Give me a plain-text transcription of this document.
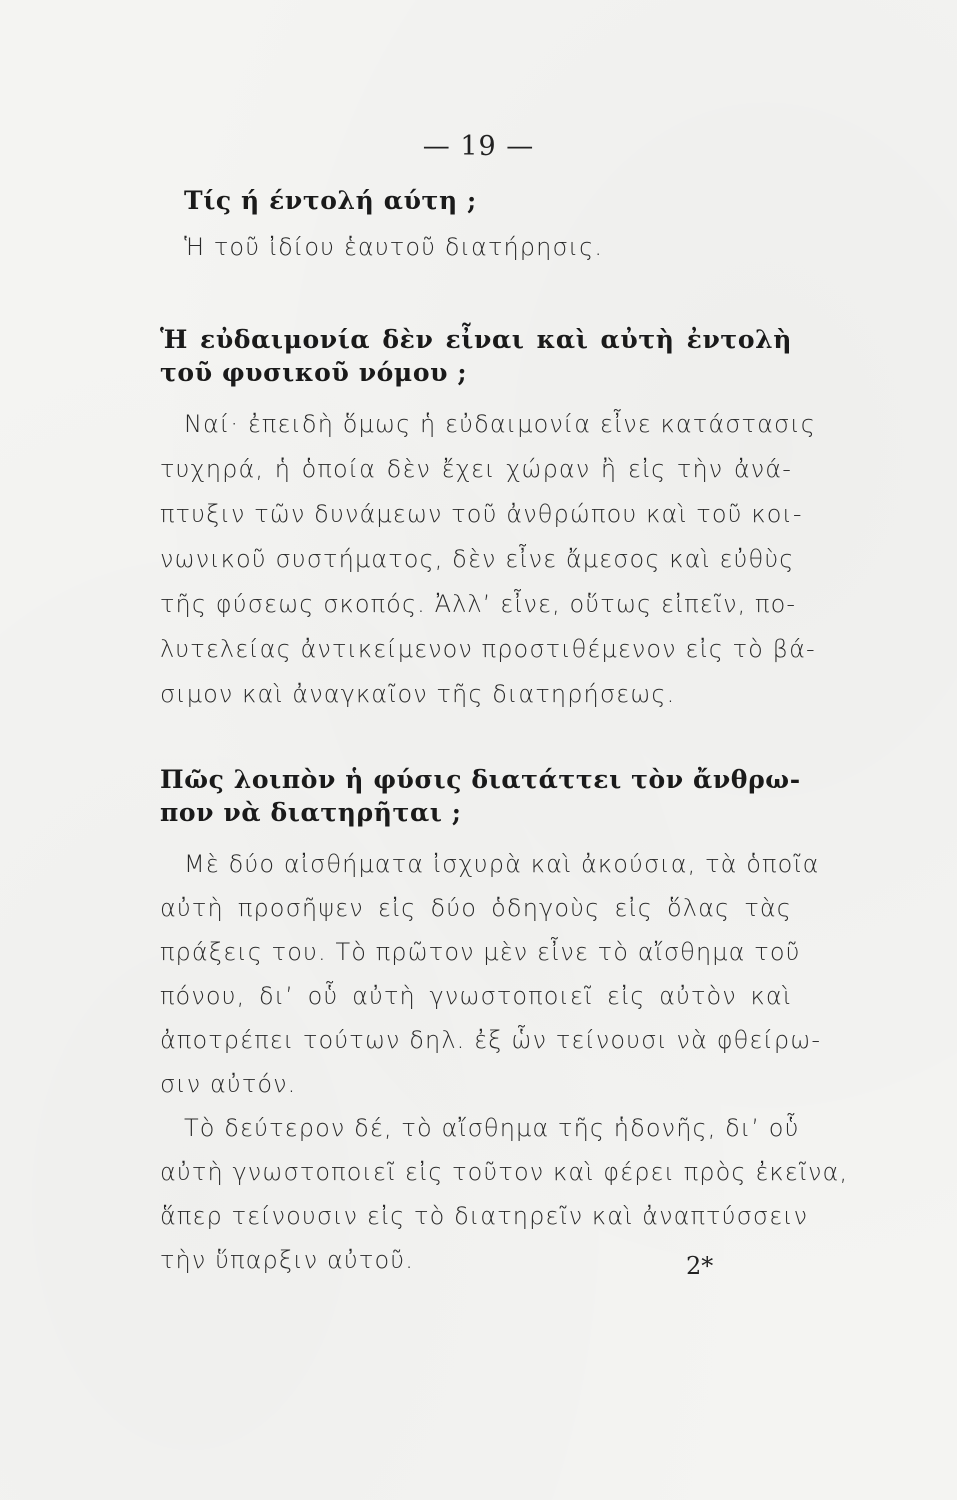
— 19 —
Τίς ή έντολή αύτη ;
Ἡ τοῦ ἰδίου ἑαυτοῦ διατήρησις.
Ἡ εὐδαιμονία δὲν εἶναι καὶ αὐτὴ ἐντολὴ
τοῦ φυσικοῦ νόμου ;
Ναί· ἐπειδὴ ὅμως ἡ εὐδαιμονία εἶνε κατάστασις
τυχηρά, ἡ ὁποία δὲν ἔχει χώραν ἢ εἰς τὴν ἀνά-
πτυξιν τῶν δυνάμεων τοῦ ἀνθρώπου καὶ τοῦ κοι-
νωνικοῦ συστήματος, δὲν εἶνε ἄμεσος καὶ εὐθὺς
τῆς φύσεως σκοπός. Ἀλλ’ εἶνε, οὕτως εἰπεῖν, πο-
λυτελείας ἀντικείμενον προστιθέμενον εἰς τὸ βά-
σιμον καὶ ἀναγκαῖον τῆς διατηρήσεως.
Πῶς λοιπὸν ἡ φύσις διατάττει τὸν ἄνθρω-
πον νὰ διατηρῆται ;
Μὲ δύο αἰσθήματα ἰσχυρὰ καὶ ἀκούσια, τὰ ὁποῖα
αὐτὴ προσῆψεν εἰς δύο ὁδηγοὺς εἰς ὅλας τὰς
πράξεις του. Τὸ πρῶτον μὲν εἶνε τὸ αἴσθημα τοῦ
πόνου, δι’ οὗ αὐτὴ γνωστοποιεῖ εἰς αὐτὸν καὶ
ἀποτρέπει τούτων δηλ. ἐξ ὧν τείνουσι νὰ φθείρω-
σιν αὐτόν.
Τὸ δεύτερον δέ, τὸ αἴσθημα τῆς ἡδονῆς, δι’ οὗ
αὐτὴ γνωστοποιεῖ εἰς τοῦτον καὶ φέρει πρὸς ἐκεῖνα,
ἅπερ τείνουσιν εἰς τὸ διατηρεῖν καὶ ἀναπτύσσειν
τὴν ὕπαρξιν αὐτοῦ.	2*
